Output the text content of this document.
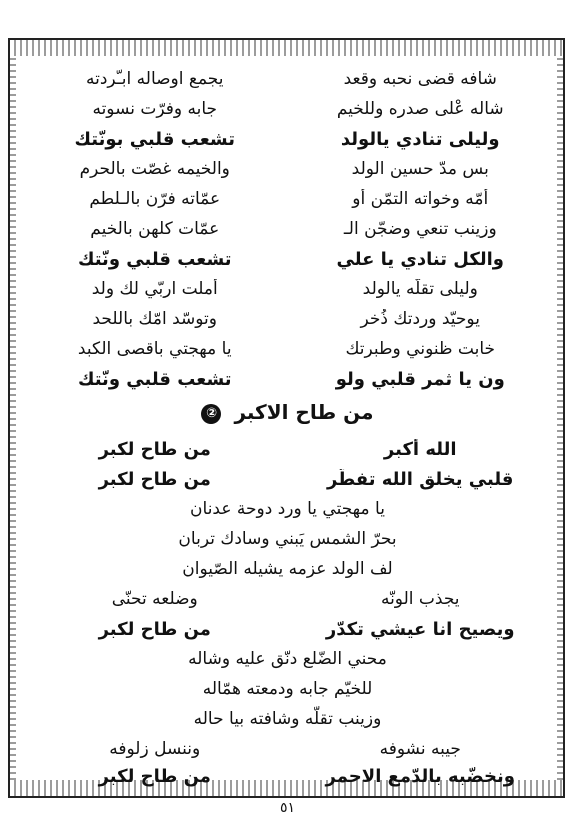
شافه قضى نحبه وقعد
يجمع اوصاله ابـّردته
شاله عْلى صدره وللخيم
جابه وفرّت نسوته
وليلى تنادي يالولد
تشعب قلبي بونّتك
بس مدّ حسين الولد
والخيمه غصّت بالحرم
أمّه وخواته التمّن أو
عمّاته فرّن بالـلطم
وزينب تنعي وضجّن الـ
عمّات كلهن بالخيم
والكل تنادي يا علي
تشعب قلبي ونّتك
وليلى تقلّه يالولد
أملت اربّي لك ولد
يوحيّد وردتك ذُخر
وتوسّد امّك باللحد
خابت ظنوني وطبرتك
يا مهجتي باقصى الكبد
ون يا ثمر قلبي ولو
تشعب قلبي ونّتك
من طاح الاكبر ②
الله أكبر
من طاح لكبر
قلبي يخلق الله تفطّر
من طاح لكبر
يا مهجتي يا ورد دوحة عدنان
بحرّ الشمس يَبني وسادك تربان
لف الولد عزمه يشيله الصّيوان
يجذب الونّه
وضلعه تحنّى
ويصيح انا عيشي تكدّر
من طاح لكبر
محني الضّلع دنّق عليه وشاله
للخيّم جابه ودمعته همّاله
وزينب تقلّه وشافته بيا حاله
جيبه نشوفه
وننسل زلوفه
ونخضّبه بالدّمع الاحمر
من طاح لكبر
٥١
